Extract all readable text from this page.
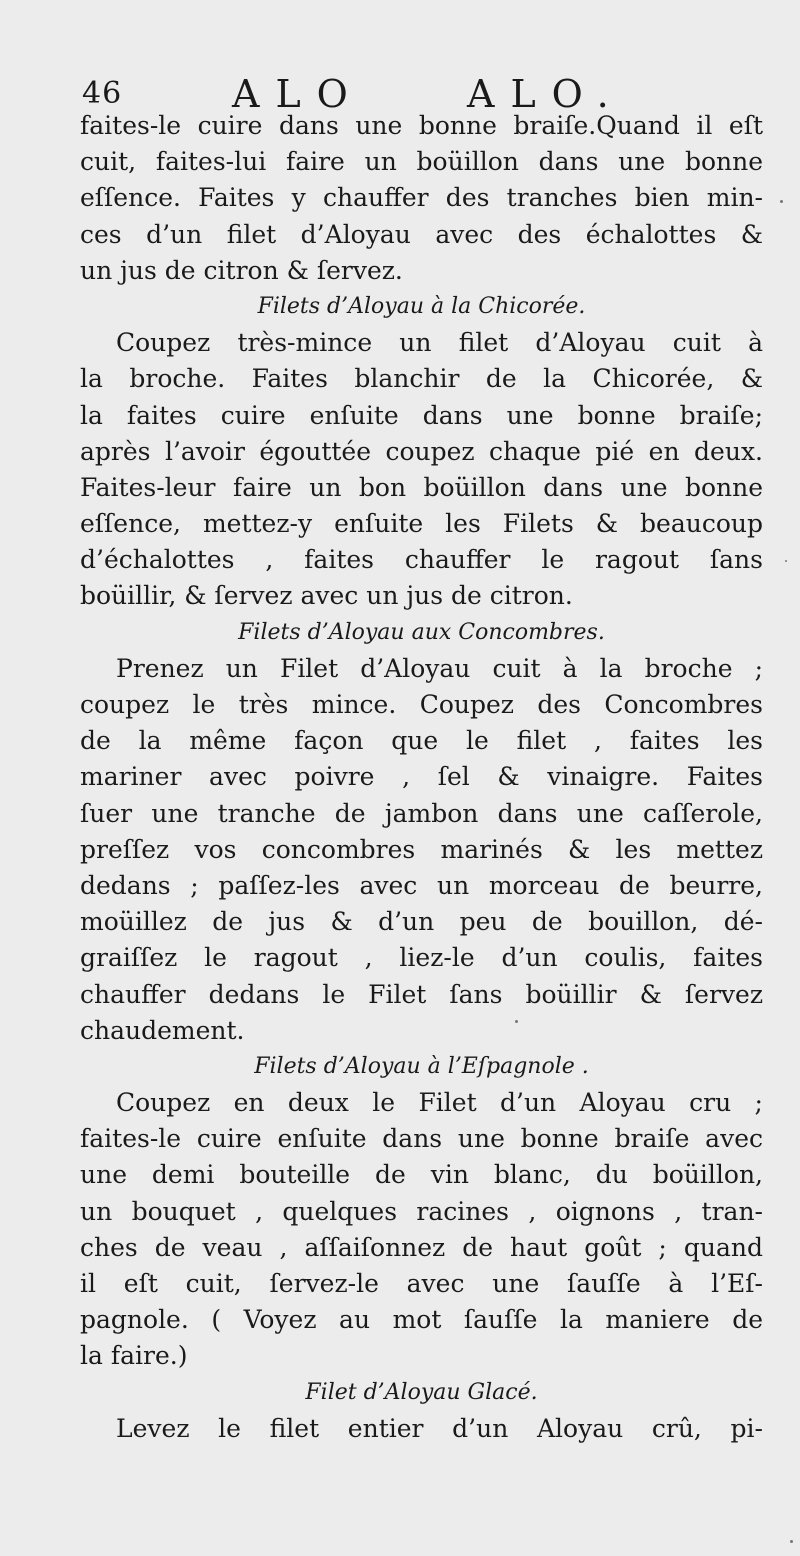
46	ALO	ALO.
faites-le cuire dans une bonne braiſe.Quand il eſt
cuit, faites-lui faire un boüillon dans une bonne
eſſence. Faites y chauffer des tranches bien min-
ces d’un filet d’Aloyau avec des échalottes &
un jus de citron & ſervez.
Filets d’Aloyau à la Chicorée.
Coupez très-mince un filet d’Aloyau cuit à
la broche. Faites blanchir de la Chicorée, &
la faites cuire enſuite dans une bonne braiſe;
après l’avoir égouttée coupez chaque pié en deux.
Faites-leur faire un bon boüillon dans une bonne
eſſence, mettez-y enſuite les Filets & beaucoup
d’échalottes , faites chauffer le ragout ſans
boüillir, & ſervez avec un jus de citron.
Filets d’Aloyau aux Concombres.
Prenez un Filet d’Aloyau cuit à la broche ;
coupez le très mince. Coupez des Concombres
de la même façon que le filet , faites les
mariner avec poivre , ſel & vinaigre. Faites
ſuer une tranche de jambon dans une caſſerole,
preſſez vos concombres marinés & les mettez
dedans ; paſſez-les avec un morceau de beurre,
moüillez de jus & d’un peu de bouillon, dé-
graiſſez le ragout , liez-le d’un coulis, faites
chauffer dedans le Filet ſans boüillir & ſervez
chaudement.
Filets d’Aloyau à l’Eſpagnole .
Coupez en deux le Filet d’un Aloyau cru ;
faites-le cuire enſuite dans une bonne braiſe avec
une demi bouteille de vin blanc, du boüillon,
un bouquet , quelques racines , oignons , tran-
ches de veau , aſſaiſonnez de haut goût ; quand
il eſt cuit, ſervez-le avec une ſauſſe à l’Eſ-
pagnole. ( Voyez au mot ſauſſe la maniere de
la faire.)
Filet d’Aloyau Glacé.
Levez le filet entier d’un Aloyau crû, pi-
